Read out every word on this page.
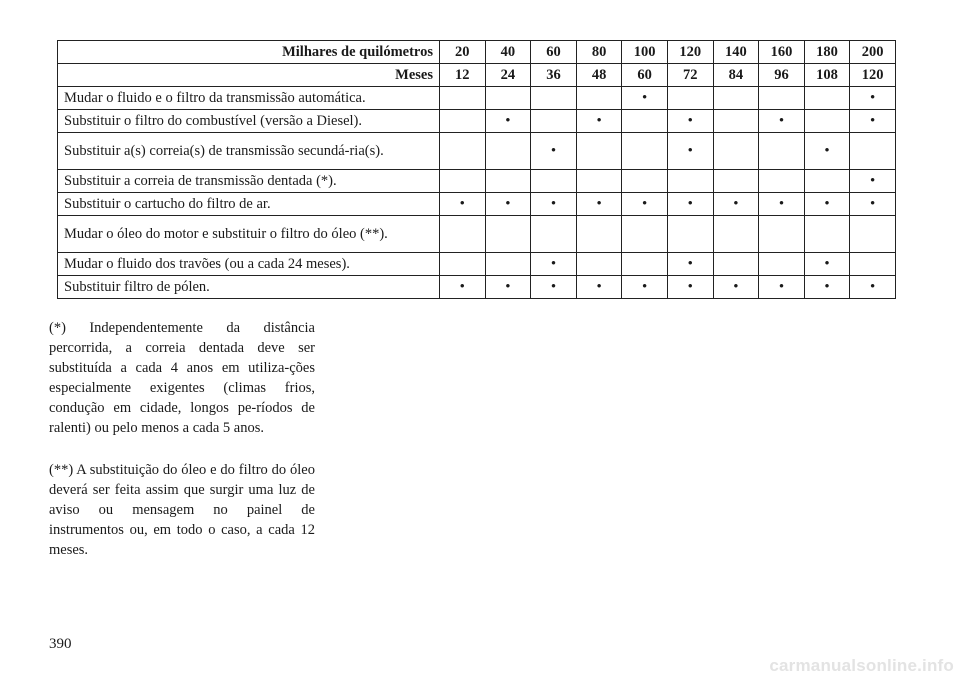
Milhares de quilómetros	20	40	60	80	100	120	140	160	180	200
Meses	12	24	36	48	60	72	84	96	108	120
Mudar o fluido e o filtro da transmissão automática.					•					•
Substituir o filtro do combustível (versão a Diesel).		•		•		•		•		•
Substituir a(s) correia(s) de transmissão secundá-ria(s).			•			•			•	
Substituir a correia de transmissão dentada (*).										•
Substituir o cartucho do filtro de ar.	•	•	•	•	•	•	•	•	•	•
Mudar o óleo do motor e substituir o filtro do óleo (**).										
Mudar o fluido dos travões (ou a cada 24 meses).			•			•			•	
Substituir filtro de pólen.	•	•	•	•	•	•	•	•	•	•
(*) Independentemente da distância percorrida, a correia dentada deve ser substituída a cada 4 anos em utiliza-ções especialmente exigentes (climas frios, condução em cidade, longos pe-ríodos de ralenti) ou pelo menos a cada 5 anos.
(**) A substituição do óleo e do filtro do óleo deverá ser feita assim que surgir uma luz de aviso ou mensagem no painel de instrumentos ou, em todo o caso, a cada 12 meses.
390
carmanualsonline.info
